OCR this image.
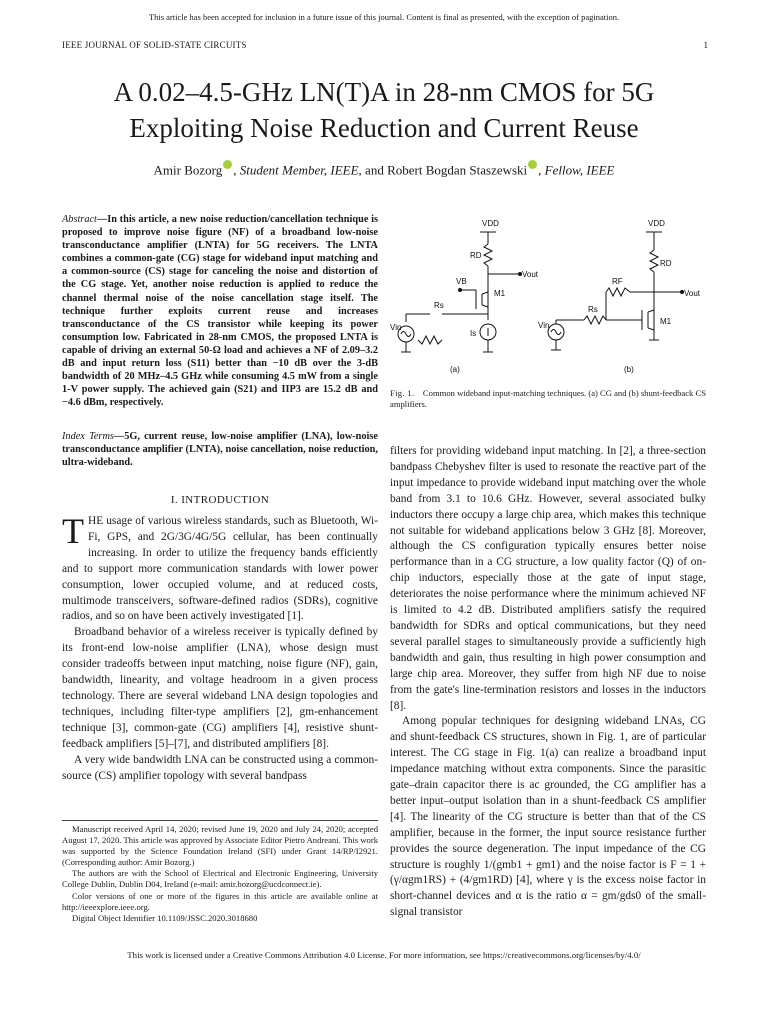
This article has been accepted for inclusion in a future issue of this journal. Content is final as presented, with the exception of pagination.
IEEE JOURNAL OF SOLID-STATE CIRCUITS	1
A 0.02–4.5-GHz LN(T)A in 28-nm CMOS for 5G
Exploiting Noise Reduction and Current Reuse
Amir Bozorg , Student Member, IEEE, and Robert Bogdan Staszewski , Fellow, IEEE
Abstract—In this article, a new noise reduction/cancellation technique is proposed to improve noise figure (NF) of a broadband low-noise transconductance amplifier (LNTA) for 5G receivers. The LNTA combines a common-gate (CG) stage for wideband input matching and a common-source (CS) stage for canceling the noise and distortion of the CG stage. Yet, another noise reduction is applied to reduce the channel thermal noise of the noise cancellation stage itself. The technique further exploits current reuse and increases transconductance of the CS transistor while keeping its power consumption low. Fabricated in 28-nm CMOS, the proposed LNTA is capable of driving an external 50-Ω load and achieves a NF of 2.09–3.2 dB and input return loss (S11) better than −10 dB over the 3-dB bandwidth of 20 MHz–4.5 GHz while consuming 4.5 mW from a single 1-V power supply. The achieved gain (S21) and IIP3 are 15.2 dB and −4.6 dBm, respectively.
Index Terms—5G, current reuse, low-noise amplifier (LNA), low-noise transconductance amplifier (LNTA), noise cancellation, noise reduction, ultra-wideband.
I. INTRODUCTION

THE usage of various wireless standards, such as Bluetooth, Wi-Fi, GPS, and 2G/3G/4G/5G cellular, has been continually increasing. In order to utilize the frequency bands efficiently and to support more communication standards with lower power consumption, lower occupied volume, and at reduced costs, multimode transceivers, software-defined radios (SDRs), cognitive radios, and so on have been actively investigated [1].

Broadband behavior of a wireless receiver is typically defined by its front-end low-noise amplifier (LNA), whose design must consider tradeoffs between input matching, noise figure (NF), gain, bandwidth, linearity, and voltage headroom in a given process technology. There are several wideband LNA design topologies and techniques, including filter-type amplifiers [2], gm-enhancement technique [3], common-gate (CG) amplifiers [4], resistive shunt-feedback amplifiers [5]–[7], and distributed amplifiers [8].

A very wide bandwidth LNA can be constructed using a common-source (CS) amplifier topology with several bandpass

Manuscript received April 14, 2020; revised June 19, 2020 and July 24, 2020; accepted August 17, 2020. This article was approved by Associate Editor Pietro Andreani. This work was supported by the Science Foundation Ireland (SFI) under Grant 14/RP/I2921. (Corresponding author: Amir Bozorg.)

The authors are with the School of Electrical and Electronic Engineering, University College Dublin, Dublin D04, Ireland (e-mail: amir.bozorg@ucdconnect.ie).

Color versions of one or more of the figures in this article are available online at http://ieeexplore.ieee.org.

Digital Object Identifier 10.1109/JSSC.2020.3018680

VDD
RD
Vout
VB
M1
Rs
Vin
Is
(a)
VDD
RD
RF
Vout
Rs
Vin	M1
(b)
Fig. 1. Common wideband input-matching techniques. (a) CG and (b) shunt-feedback CS amplifiers.

filters for providing wideband input matching. In [2], a three-section bandpass Chebyshev filter is used to resonate the reactive part of the input impedance to provide wideband input matching over the whole band from 3.1 to 10.6 GHz. However, several associated bulky inductors there occupy a large chip area, which makes this technique not suitable for wideband applications below 3 GHz [8]. Moreover, although the CS configuration typically ensures better noise performance than in a CG structure, a low quality factor (Q) of on-chip inductors, especially those at the gate of input stage, deteriorates the noise performance where the minimum achieved NF is limited to 4.2 dB. Distributed amplifiers satisfy the required bandwidth for SDRs and optical communications, but they need several parallel stages to simultaneously provide a sufficiently high bandwidth and gain, thus resulting in high power consumption and large chip area. Moreover, they suffer from high NF due to noise from the gate's line-termination resistors and losses in the inductors [8].

Among popular techniques for designing wideband LNAs, CG and shunt-feedback CS structures, shown in Fig. 1, are of particular interest. The CG stage in Fig. 1(a) can realize a broadband input impedance matching without extra components. Since the parasitic gate–drain capacitor there is ac grounded, the CG amplifier has a better input–output isolation than in a shunt-feedback CS amplifier [4]. The linearity of the CG structure is better than that of the CS amplifier, because in the former, the input source resistance further provides the source degeneration. The input impedance of the CG structure is roughly 1/(gmb1 + gm1) and the noise factor is F = 1 + (γ/αgm1RS) + (4/gm1RD) [4], where γ is the excess noise factor in short-channel devices and α is the ratio α = gm/gds0 of the small-signal transistor

This work is licensed under a Creative Commons Attribution 4.0 License. For more information, see https://creativecommons.org/licenses/by/4.0/
